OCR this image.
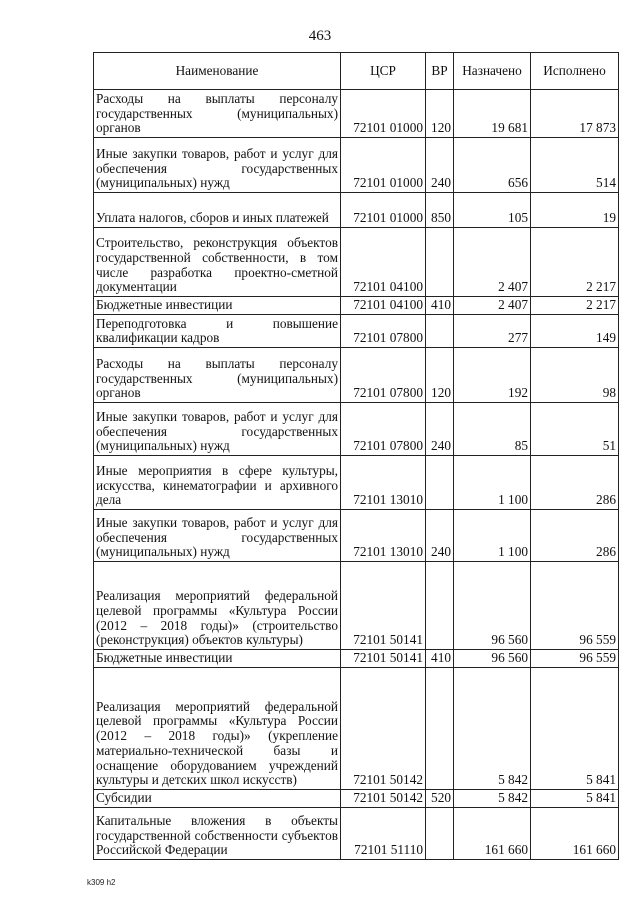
463
Наименование	ЦСР	ВР	Назначено	Исполнено
Расходы на выплаты персоналу государственных (муниципальных) органов	72101 01000	120	19 681	17 873
Иные закупки товаров, работ и услуг для обеспечения государственных (муниципальных) нужд	72101 01000	240	656	514
Уплата налогов, сборов и иных платежей	72101 01000	850	105	19
Строительство, реконструкция объектов государственной собственности, в том числе разработка проектно-сметной документации	72101 04100		2 407	2 217
Бюджетные инвестиции	72101 04100	410	2 407	2 217
Переподготовка и повышение квалификации кадров	72101 07800		277	149
Расходы на выплаты персоналу государственных (муниципальных) органов	72101 07800	120	192	98
Иные закупки товаров, работ и услуг для обеспечения государственных (муниципальных) нужд	72101 07800	240	85	51
Иные мероприятия в сфере культуры, искусства, кинематографии и архивного дела	72101 13010		1 100	286
Иные закупки товаров, работ и услуг для обеспечения государственных (муниципальных) нужд	72101 13010	240	1 100	286
Реализация мероприятий федеральной целевой программы «Культура России (2012 – 2018 годы)» (строительство (реконструкция) объектов культуры)	72101 50141		96 560	96 559
Бюджетные инвестиции	72101 50141	410	96 560	96 559
Реализация мероприятий федеральной целевой программы «Культура России (2012 – 2018 годы)» (укрепление материально-технической базы и оснащение оборудованием учреждений культуры и детских школ искусств)	72101 50142		5 842	5 841
Субсидии	72101 50142	520	5 842	5 841
Капитальные вложения в объекты государственной собственности субъектов Российской Федерации	72101 51110		161 660	161 660
k309 h2
